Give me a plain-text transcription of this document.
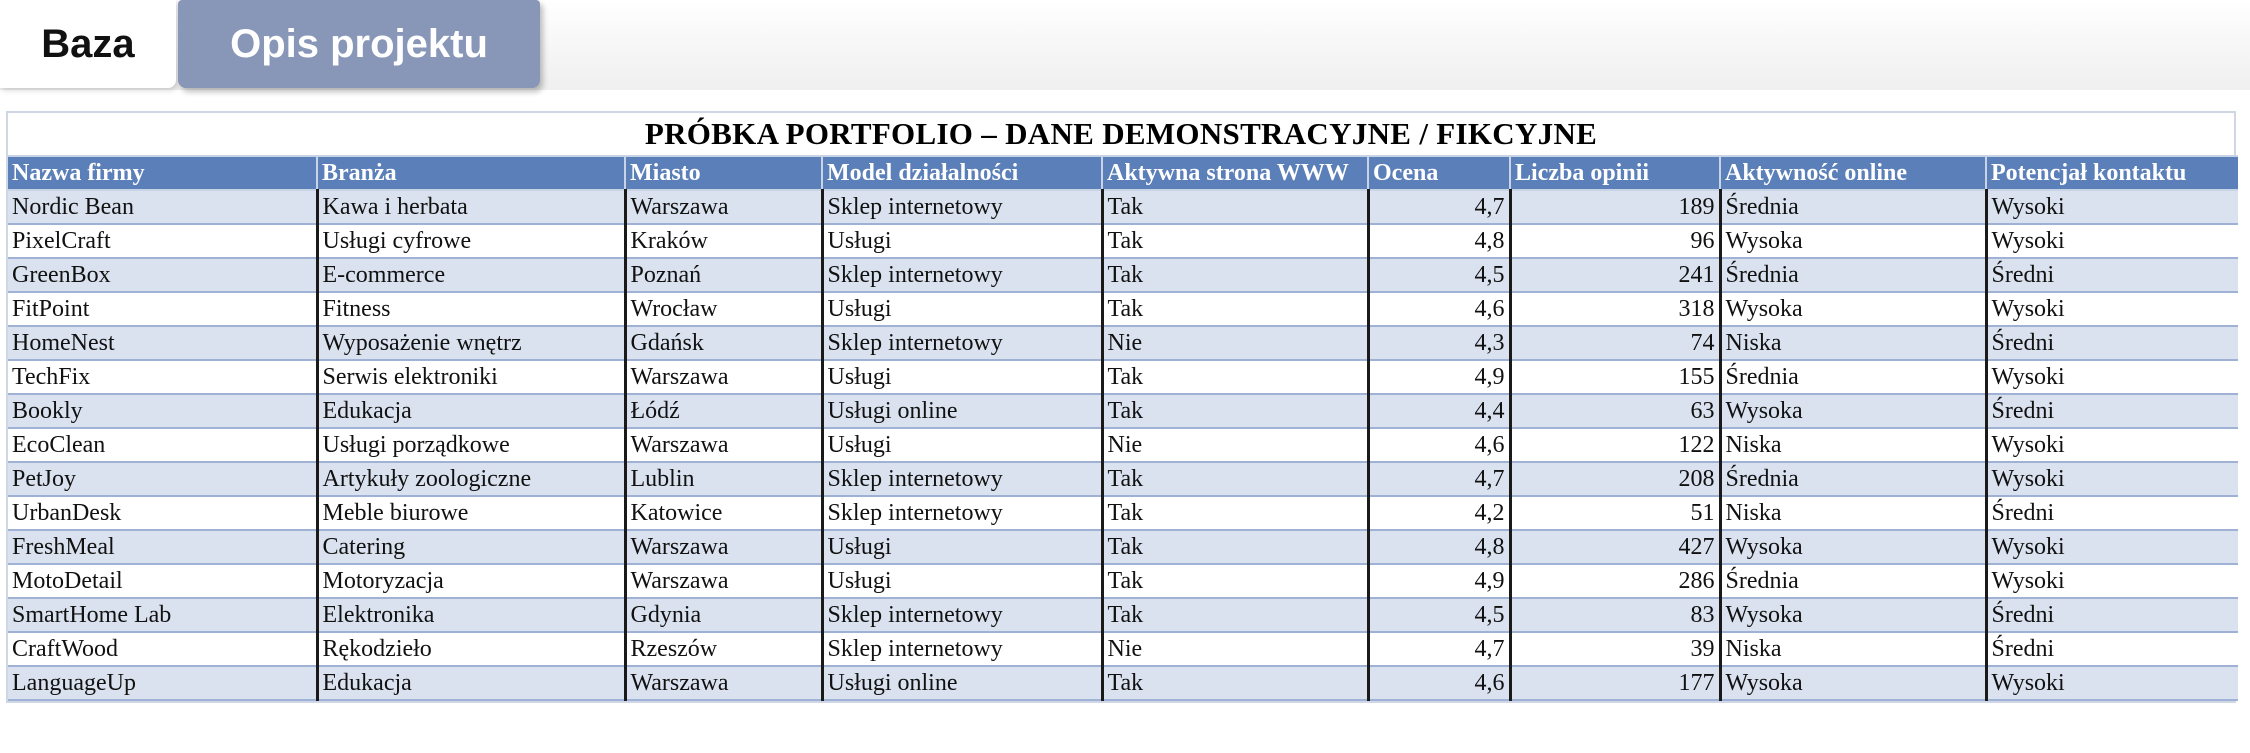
Baza	Opis projektu
PRÓBKA PORTFOLIO – DANE DEMONSTRACYJNE / FIKCYJNE
Nazwa firmy	Branża	Miasto	Model działalności	Aktywna strona WWW	Ocena	Liczba opinii	Aktywność online	Potencjał kontaktu
Nordic Bean	Kawa i herbata	Warszawa	Sklep internetowy	Tak	4,7	189	Średnia	Wysoki
PixelCraft	Usługi cyfrowe	Kraków	Usługi	Tak	4,8	96	Wysoka	Wysoki
GreenBox	E-commerce	Poznań	Sklep internetowy	Tak	4,5	241	Średnia	Średni
FitPoint	Fitness	Wrocław	Usługi	Tak	4,6	318	Wysoka	Wysoki
HomeNest	Wyposażenie wnętrz	Gdańsk	Sklep internetowy	Nie	4,3	74	Niska	Średni
TechFix	Serwis elektroniki	Warszawa	Usługi	Tak	4,9	155	Średnia	Wysoki
Bookly	Edukacja	Łódź	Usługi online	Tak	4,4	63	Wysoka	Średni
EcoClean	Usługi porządkowe	Warszawa	Usługi	Nie	4,6	122	Niska	Wysoki
PetJoy	Artykuły zoologiczne	Lublin	Sklep internetowy	Tak	4,7	208	Średnia	Wysoki
UrbanDesk	Meble biurowe	Katowice	Sklep internetowy	Tak	4,2	51	Niska	Średni
FreshMeal	Catering	Warszawa	Usługi	Tak	4,8	427	Wysoka	Wysoki
MotoDetail	Motoryzacja	Warszawa	Usługi	Tak	4,9	286	Średnia	Wysoki
SmartHome Lab	Elektronika	Gdynia	Sklep internetowy	Tak	4,5	83	Wysoka	Średni
CraftWood	Rękodzieło	Rzeszów	Sklep internetowy	Nie	4,7	39	Niska	Średni
LanguageUp	Edukacja	Warszawa	Usługi online	Tak	4,6	177	Wysoka	Wysoki
